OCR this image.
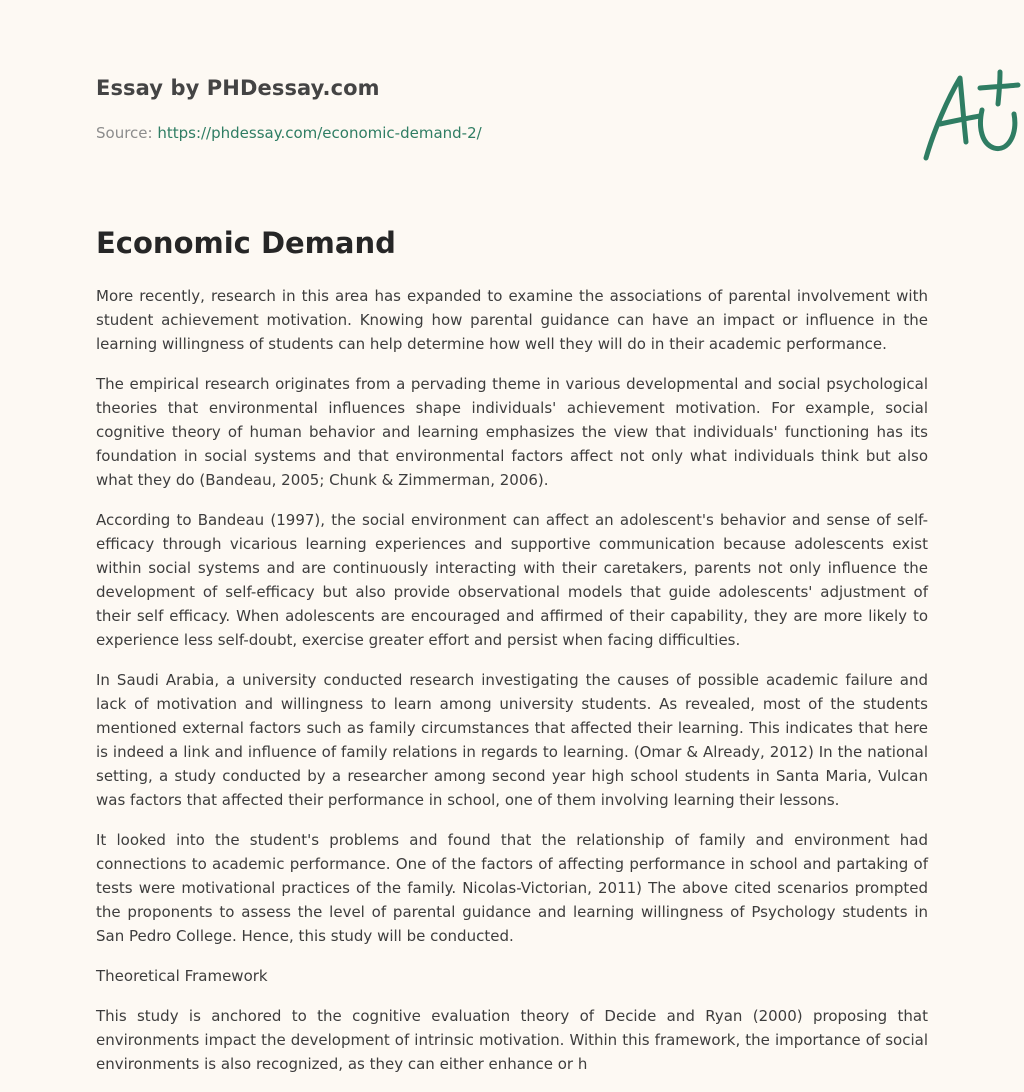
Essay by PHDessay.com
Source: https://phdessay.com/economic-demand-2/
Economic Demand

More recently, research in this area has expanded to examine the associations of parental involvement with student achievement motivation. Knowing how parental guidance can have an impact or influence in the learning willingness of students can help determine how well they will do in their academic performance.

The empirical research originates from a pervading theme in various developmental and social psychological theories that environmental influences shape individuals' achievement motivation. For example, social cognitive theory of human behavior and learning emphasizes the view that individuals' functioning has its foundation in social systems and that environmental factors affect not only what individuals think but also what they do (Bandeau, 2005; Chunk & Zimmerman, 2006).

According to Bandeau (1997), the social environment can affect an adolescent's behavior and sense of self-efficacy through vicarious learning experiences and supportive communication because adolescents exist within social systems and are continuously interacting with their caretakers, parents not only influence the development of self-efficacy but also provide observational models that guide adolescents' adjustment of their self efficacy. When adolescents are encouraged and affirmed of their capability, they are more likely to experience less self-doubt, exercise greater effort and persist when facing difficulties.

In Saudi Arabia, a university conducted research investigating the causes of possible academic failure and lack of motivation and willingness to learn among university students. As revealed, most of the students mentioned external factors such as family circumstances that affected their learning. This indicates that here is indeed a link and influence of family relations in regards to learning. (Omar & Already, 2012) In the national setting, a study conducted by a researcher among second year high school students in Santa Maria, Vulcan was factors that affected their performance in school, one of them involving learning their lessons.

It looked into the student's problems and found that the relationship of family and environment had connections to academic performance. One of the factors of affecting performance in school and partaking of tests were motivational practices of the family. Nicolas-Victorian, 2011) The above cited scenarios prompted the proponents to assess the level of parental guidance and learning willingness of Psychology students in San Pedro College. Hence, this study will be conducted.

Theoretical Framework

This study is anchored to the cognitive evaluation theory of Decide and Ryan (2000) proposing that environments impact the development of intrinsic motivation. Within this framework, the importance of social environments is also recognized, as they can either enhance or h
